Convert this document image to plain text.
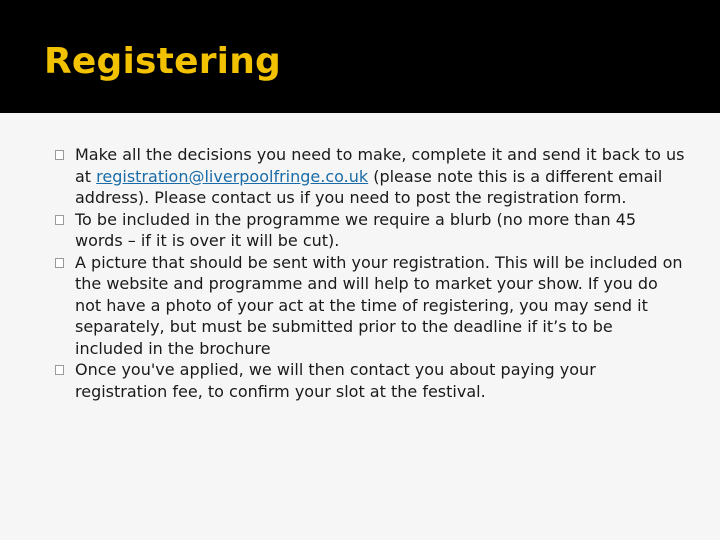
Registering
Make all the decisions you need to make, complete it and send it back to us at registration@liverpoolfringe.co.uk (please note this is a different email address). Please contact us if you need to post the registration form.
To be included in the programme we require a blurb (no more than 45 words – if it is over it will be cut).
A picture that should be sent with your registration. This will be included on the website and programme and will help to market your show. If you do not have a photo of your act at the time of registering, you may send it separately, but must be submitted prior to the deadline if it’s to be included in the brochure
Once you've applied, we will then contact you about paying your registration fee, to confirm your slot at the festival.
